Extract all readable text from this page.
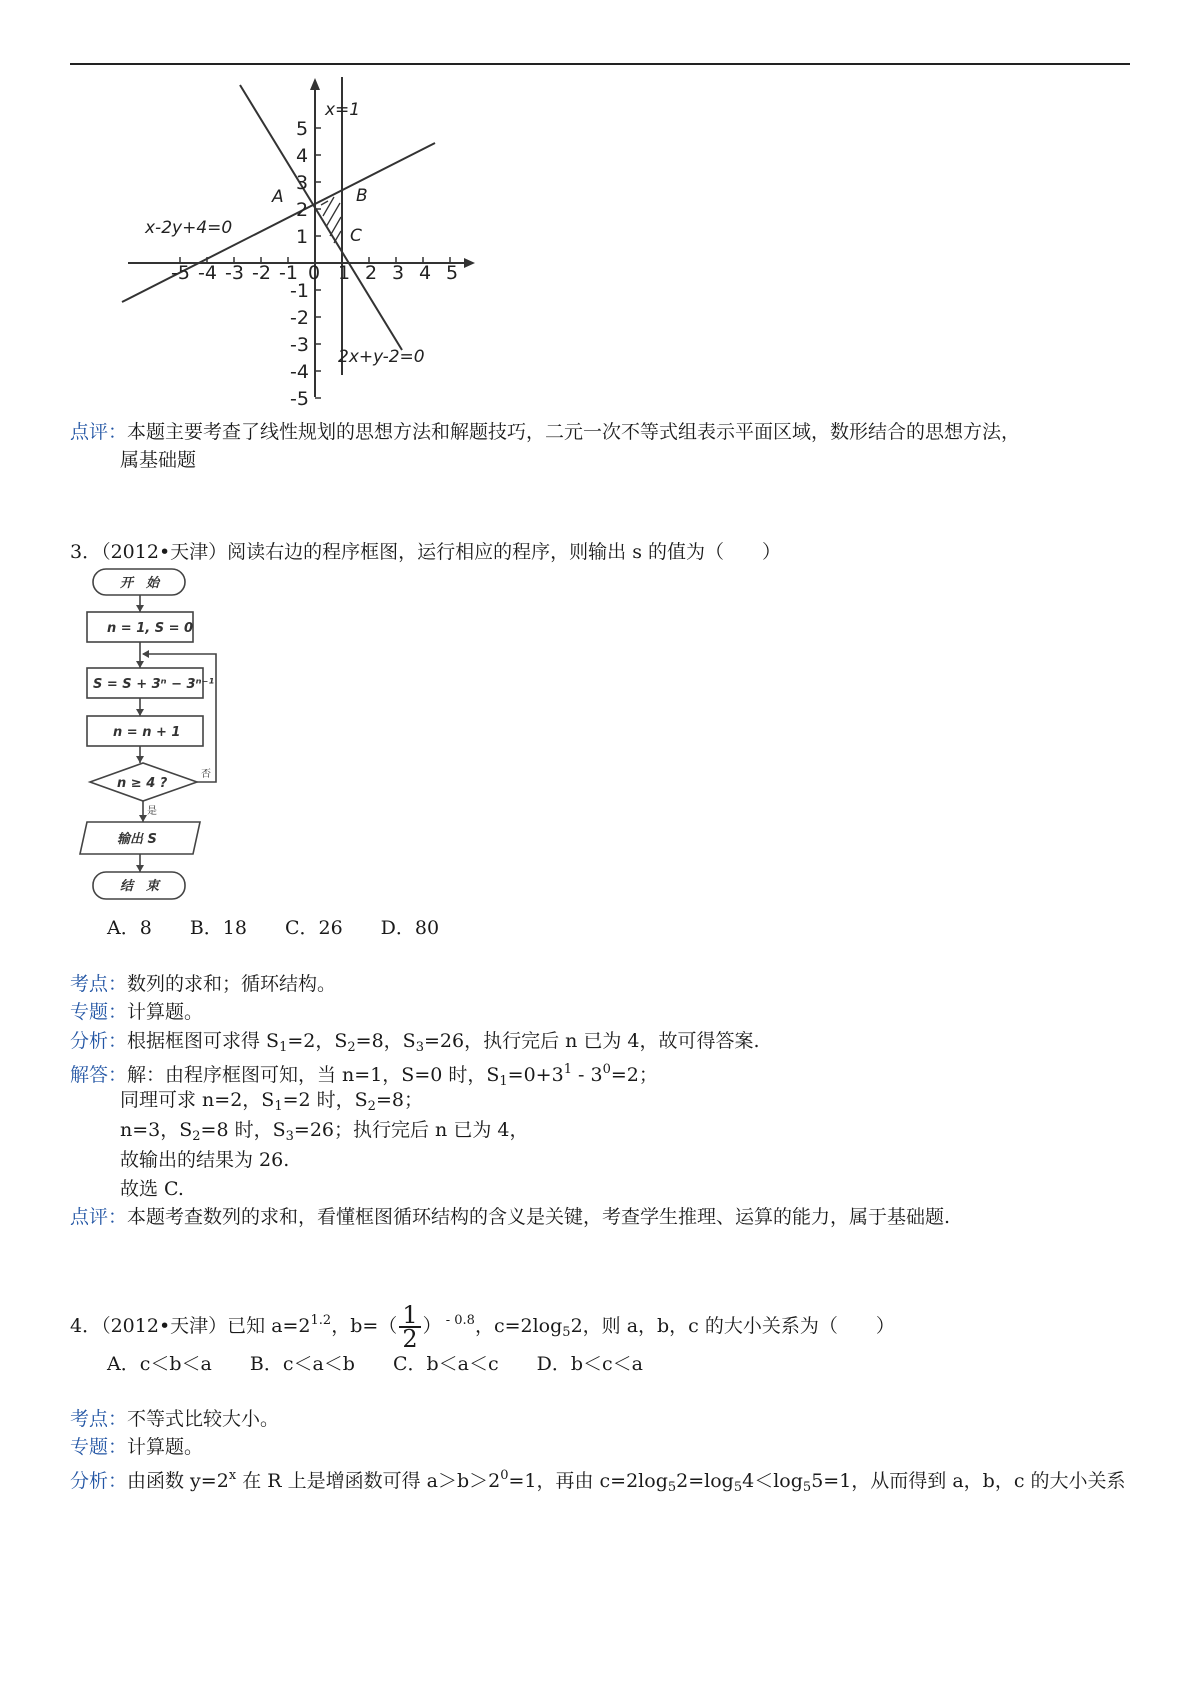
-5 -4 -3 -2 -1 0 1 2 3 4 5
5
4
3
2
1
-1
-2
-3
-4
-5
x=1
x-2y+4=0
2x+y-2=0
A	B
C
点评：本题主要考查了线性规划的思想方法和解题技巧，二元一次不等式组表示平面区域，数形结合的思想方法，
属基础题
3．（2012•天津）阅读右边的程序框图，运行相应的程序，则输出 s 的值为（　　）
开　始
n = 1, S = 0
S = S + 3ⁿ − 3ⁿ⁻¹
n = n + 1
n ≥ 4 ?
输出 S
结　束
否
是
A．8 B．18 C．26 D．80
考点：数列的求和；循环结构。
专题：计算题。
分析：根据框图可求得 $S_1=2$，$S_2=8$，$S_3=26$，执行完后 n 已为 4，故可得答案.
解答：解：由程序框图可知，当 n=1，S=0 时，$S_1=0+3^1 - 3^0=2$；
同理可求 n=2，$S_1=2$ 时，$S_2=8$；
n=3，$S_2=8$ 时，$S_3=26$；执行完后 n 已为 4，
故输出的结果为 26.
故选 C.
点评：本题考查数列的求和，看懂框图循环结构的含义是关键，考查学生推理、运算的能力，属于基础题.
4．（2012•天津）已知 $a=2^{1.2}$，$b=( \frac{1}{2}$ ） $^{- 0.8}$，$c=2\log_52$，则 a，b，c 的大小关系为（　　）
A．c＜b＜a B．c＜a＜b C．b＜a＜c D．b＜c＜a
考点：不等式比较大小。
专题：计算题。
分析：由函数 $y=2^x$ 在 R 上是增函数可得 $a>b>2^0=1$，再由 $c=2\log_52=\log_54<\log_55=1$，从而得到 a，b，c 的大小关系
